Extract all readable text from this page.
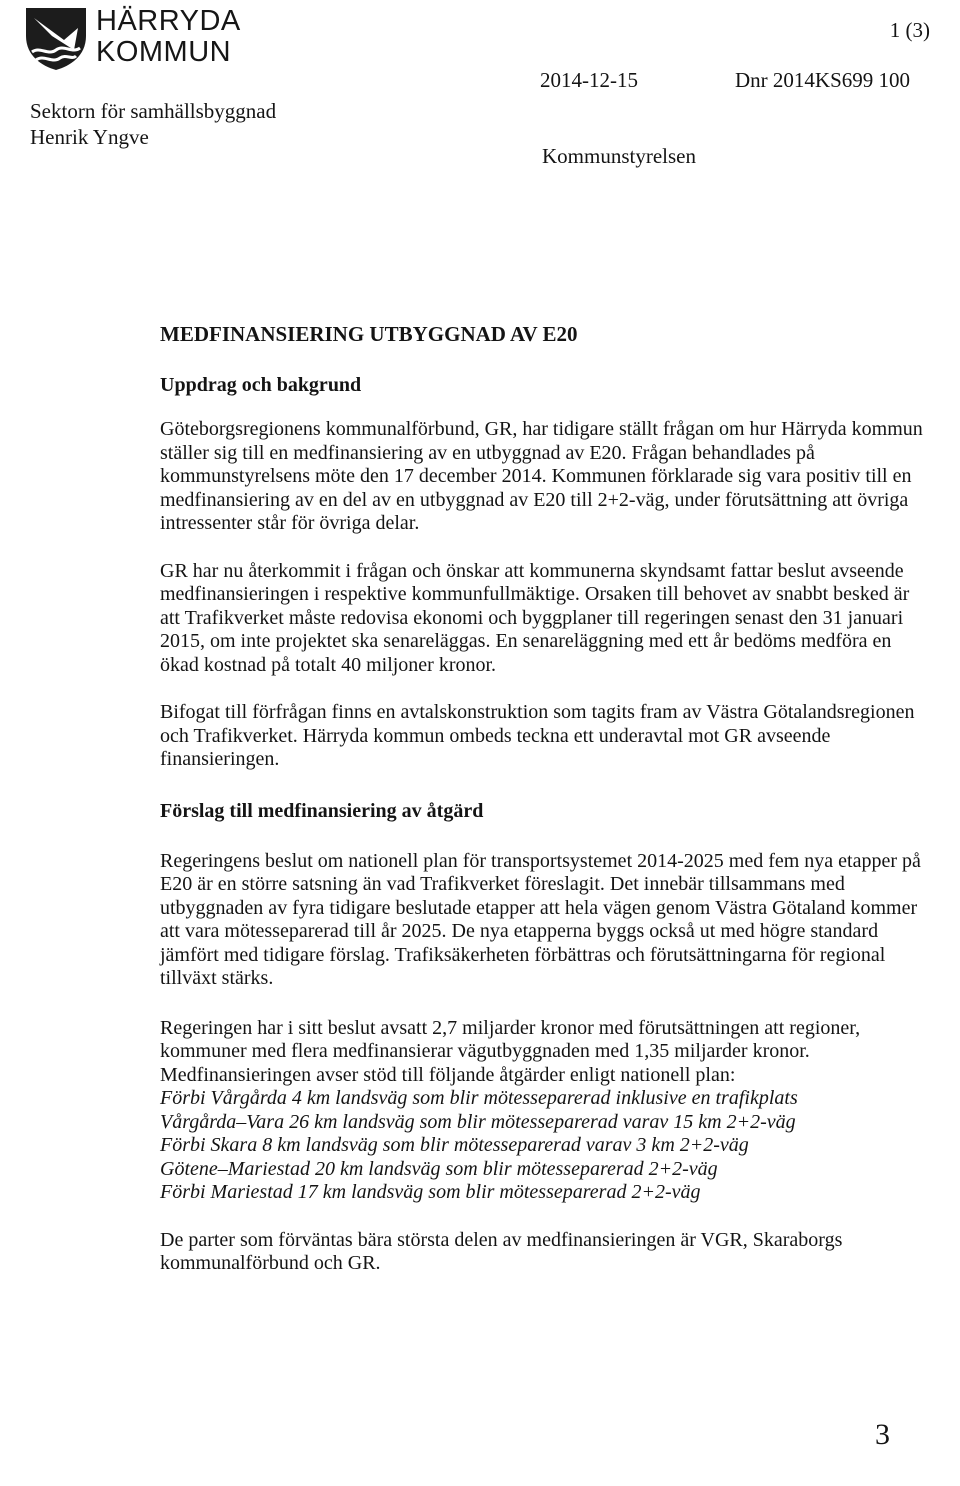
HÄRRYDA
KOMMUN
1 (3)
2014-12-15	Dnr 2014KS699 100
Sektorn för samhällsbyggnad
Henrik Yngve
Kommunstyrelsen
MEDFINANSIERING UTBYGGNAD AV E20
Uppdrag och bakgrund

Göteborgsregionens kommunalförbund, GR, har tidigare ställt frågan om hur Härryda kommun ställer sig till en medfinansiering av en utbyggnad av E20. Frågan behandlades på kommunstyrelsens möte den 17 december 2014. Kommunen förklarade sig vara positiv till en medfinansiering av en del av en utbyggnad av E20 till 2+2-väg, under förutsättning att övriga intressenter står för övriga delar.

GR har nu återkommit i frågan och önskar att kommunerna skyndsamt fattar beslut avseende medfinansieringen i respektive kommunfullmäktige. Orsaken till behovet av snabbt besked är att Trafikverket måste redovisa ekonomi och byggplaner till regeringen senast den 31 januari 2015, om inte projektet ska senareläggas. En senareläggning med ett år bedöms medföra en ökad kostnad på totalt 40 miljoner kronor.

Bifogat till förfrågan finns en avtalskonstruktion som tagits fram av Västra Götalandsregionen och Trafikverket. Härryda kommun ombeds teckna ett underavtal mot GR avseende finansieringen.

Förslag till medfinansiering av åtgärd

Regeringens beslut om nationell plan för transportsystemet 2014-2025 med fem nya etapper på E20 är en större satsning än vad Trafikverket föreslagit. Det innebär tillsammans med utbyggnaden av fyra tidigare beslutade etapper att hela vägen genom Västra Götaland kommer att vara mötesseparerad till år 2025. De nya etapperna byggs också ut med högre standard jämfört med tidigare förslag. Trafiksäkerheten förbättras och förutsättningarna för regional tillväxt stärks.

Regeringen har i sitt beslut avsatt 2,7 miljarder kronor med förutsättningen att regioner, kommuner med flera medfinansierar vägutbyggnaden med 1,35 miljarder kronor. Medfinansieringen avser stöd till följande åtgärder enligt nationell plan:

Förbi Vårgårda 4 km landsväg som blir mötesseparerad inklusive en trafikplats
Vårgårda–Vara 26 km landsväg som blir mötesseparerad varav 15 km 2+2-väg
Förbi Skara 8 km landsväg som blir mötesseparerad varav 3 km 2+2-väg
Götene–Mariestad 20 km landsväg som blir mötesseparerad 2+2-väg
Förbi Mariestad 17 km landsväg som blir mötesseparerad 2+2-väg

De parter som förväntas bära största delen av medfinansieringen är VGR, Skaraborgs kommunalförbund och GR.

3
